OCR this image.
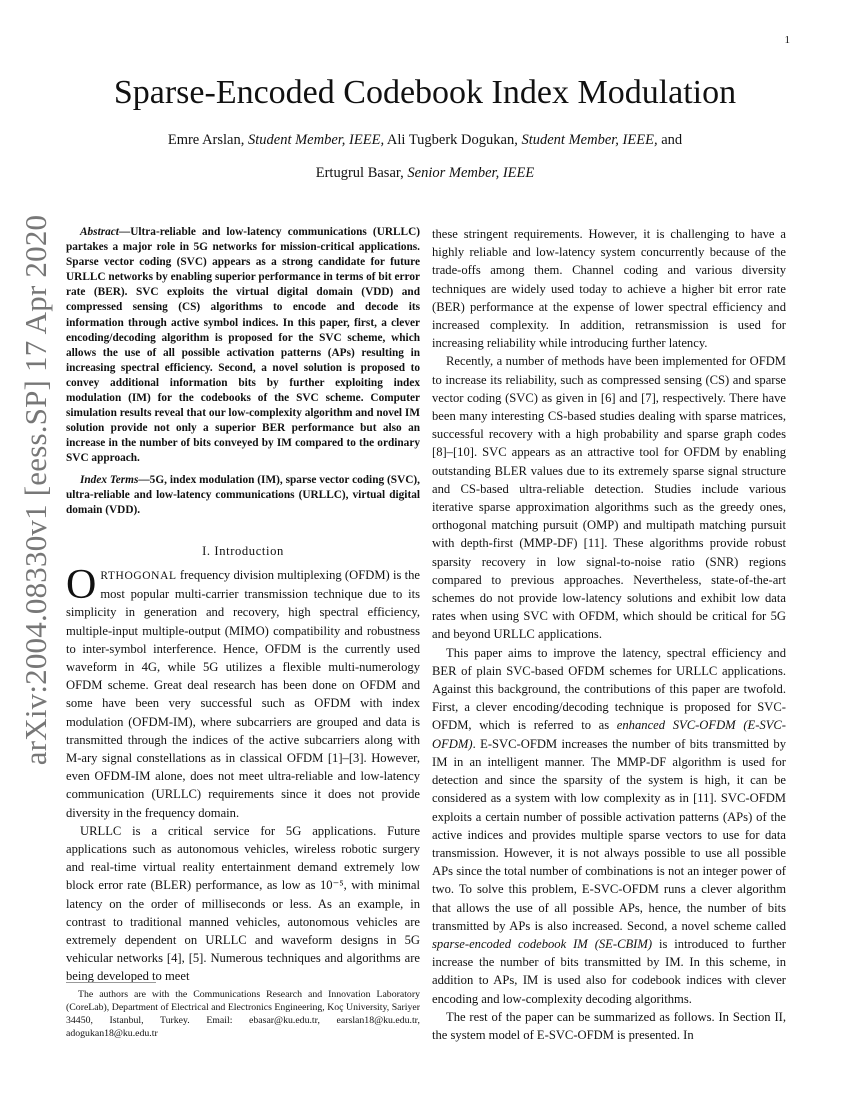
1
arXiv:2004.08330v1 [eess.SP] 17 Apr 2020
Sparse-Encoded Codebook Index Modulation
Emre Arslan, Student Member, IEEE, Ali Tugberk Dogukan, Student Member, IEEE, and
Ertugrul Basar, Senior Member, IEEE

Abstract—Ultra-reliable and low-latency communications (URLLC) partakes a major role in 5G networks for mission-critical applications. Sparse vector coding (SVC) appears as a strong candidate for future URLLC networks by enabling superior performance in terms of bit error rate (BER). SVC exploits the virtual digital domain (VDD) and compressed sensing (CS) algorithms to encode and decode its information through active symbol indices. In this paper, first, a clever encoding/decoding algorithm is proposed for the SVC scheme, which allows the use of all possible activation patterns (APs) resulting in increasing spectral efficiency. Second, a novel solution is proposed to convey additional information bits by further exploiting index modulation (IM) for the codebooks of the SVC scheme. Computer simulation results reveal that our low-complexity algorithm and novel IM solution provide not only a superior BER performance but also an increase in the number of bits conveyed by IM compared to the ordinary SVC approach.

Index Terms—5G, index modulation (IM), sparse vector coding (SVC), ultra-reliable and low-latency communications (URLLC), virtual digital domain (VDD).

I. Introduction

ORTHOGONAL frequency division multiplexing (OFDM) is the most popular multi-carrier transmission technique due to its simplicity in generation and recovery, high spectral efficiency, multiple-input multiple-output (MIMO) compatibility and robustness to inter-symbol interference. Hence, OFDM is the currently used waveform in 4G, while 5G utilizes a flexible multi-numerology OFDM scheme. Great deal research has been done on OFDM and some have been very successful such as OFDM with index modulation (OFDM-IM), where subcarriers are grouped and data is transmitted through the indices of the active subcarriers along with M-ary signal constellations as in classical OFDM [1]–[3]. However, even OFDM-IM alone, does not meet ultra-reliable and low-latency communication (URLLC) requirements since it does not provide diversity in the frequency domain.

URLLC is a critical service for 5G applications. Future applications such as autonomous vehicles, wireless robotic surgery and real-time virtual reality entertainment demand extremely low block error rate (BLER) performance, as low as 10⁻⁵, with minimal latency on the order of milliseconds or less. As an example, in contrast to traditional manned vehicles, autonomous vehicles are extremely dependent on URLLC and waveform designs in 5G vehicular networks [4], [5]. Numerous techniques and algorithms are being developed to meet

The authors are with the Communications Research and Innovation Laboratory (CoreLab), Department of Electrical and Electronics Engineering, Koç University, Sariyer 34450, Istanbul, Turkey. Email: ebasar@ku.edu.tr, earslan18@ku.edu.tr, adogukan18@ku.edu.tr

these stringent requirements. However, it is challenging to have a highly reliable and low-latency system concurrently because of the trade-offs among them. Channel coding and various diversity techniques are widely used today to achieve a higher bit error rate (BER) performance at the expense of lower spectral efficiency and increased complexity. In addition, retransmission is used for increasing reliability while introducing further latency.

Recently, a number of methods have been implemented for OFDM to increase its reliability, such as compressed sensing (CS) and sparse vector coding (SVC) as given in [6] and [7], respectively. There have been many interesting CS-based studies dealing with sparse matrices, successful recovery with a high probability and sparse graph codes [8]–[10]. SVC appears as an attractive tool for OFDM by enabling outstanding BLER values due to its extremely sparse signal structure and CS-based ultra-reliable detection. Studies include various iterative sparse approximation algorithms such as the greedy ones, orthogonal matching pursuit (OMP) and multipath matching pursuit with depth-first (MMP-DF) [11]. These algorithms provide robust sparsity recovery in low signal-to-noise ratio (SNR) regions compared to previous approaches. Nevertheless, state-of-the-art schemes do not provide low-latency solutions and exhibit low data rates when using SVC with OFDM, which should be critical for 5G and beyond URLLC applications.

This paper aims to improve the latency, spectral efficiency and BER of plain SVC-based OFDM schemes for URLLC applications. Against this background, the contributions of this paper are twofold. First, a clever encoding/decoding technique is proposed for SVC-OFDM, which is referred to as enhanced SVC-OFDM (E-SVC-OFDM). E-SVC-OFDM increases the number of bits transmitted by IM in an intelligent manner. The MMP-DF algorithm is used for detection and since the sparsity of the system is high, it can be considered as a system with low complexity as in [11]. SVC-OFDM exploits a certain number of possible activation patterns (APs) of the active indices and provides multiple sparse vectors to use for data transmission. However, it is not always possible to use all possible APs since the total number of combinations is not an integer power of two. To solve this problem, E-SVC-OFDM runs a clever algorithm that allows the use of all possible APs, hence, the number of bits transmitted by APs is also increased. Second, a novel scheme called sparse-encoded codebook IM (SE-CBIM) is introduced to further increase the number of bits transmitted by IM. In this scheme, in addition to APs, IM is used also for codebook indices with clever encoding and low-complexity decoding algorithms.

The rest of the paper can be summarized as follows. In Section II, the system model of E-SVC-OFDM is presented. In
